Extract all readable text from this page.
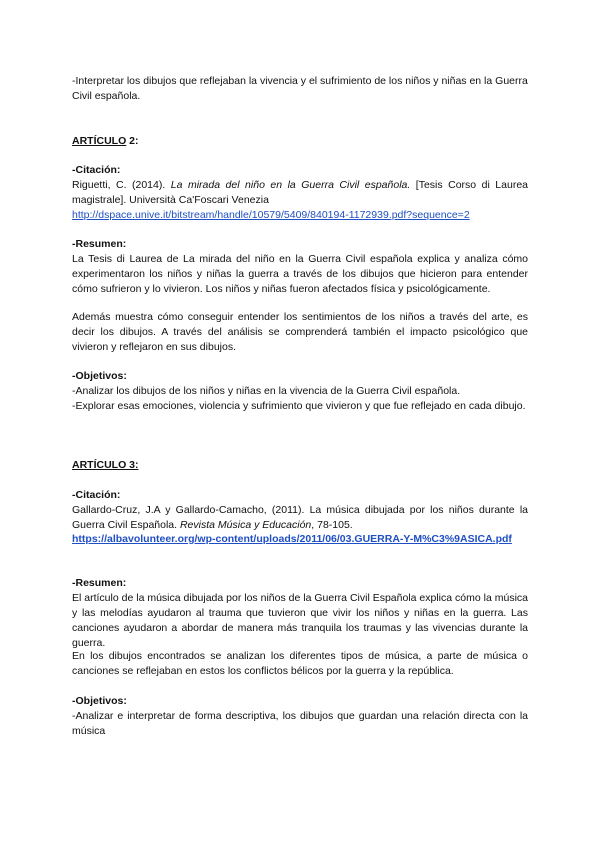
-Interpretar los dibujos que reflejaban la vivencia y el sufrimiento de los niños y niñas en la Guerra Civil española.

ARTÍCULO 2:

-Citación:

Riguetti, C. (2014). La mirada del niño en la Guerra Civil española. [Tesis Corso di Laurea magistrale]. Università Ca'Foscari Venezia

http://dspace.unive.it/bitstream/handle/10579/5409/840194-1172939.pdf?sequence=2

-Resumen:

La Tesis di Laurea de La mirada del niño en la Guerra Civil española explica y analiza cómo experimentaron los niños y niñas la guerra a través de los dibujos que hicieron para entender cómo sufrieron y lo vivieron. Los niños y niñas fueron afectados física y psicológicamente.

Además muestra cómo conseguir entender los sentimientos de los niños a través del arte, es decir los dibujos. A través del análisis se comprenderá también el impacto psicológico que vivieron y reflejaron en sus dibujos.

-Objetivos:

-Analizar los dibujos de los niños y niñas en la vivencia de la Guerra Civil española.

-Explorar esas emociones, violencia y sufrimiento que vivieron y que fue reflejado en cada dibujo.

ARTÍCULO 3:

-Citación:

Gallardo-Cruz, J.A y Gallardo-Camacho, (2011). La música dibujada por los niños durante la Guerra Civil Española. Revista Música y Educación, 78-105.

https://albavolunteer.org/wp-content/uploads/2011/06/03.GUERRA-Y-M%C3%9ASICA.pdf

-Resumen:

El artículo de la música dibujada por los niños de la Guerra Civil Española explica cómo la música y las melodías ayudaron al trauma que tuvieron que vivir los niños y niñas en la guerra. Las canciones ayudaron a abordar de manera más tranquila los traumas y las vivencias durante la guerra.

En los dibujos encontrados se analizan los diferentes tipos de música, a parte de música o canciones se reflejaban en estos los conflictos bélicos por la guerra y la república.

-Objetivos:

-Analizar e interpretar de forma descriptiva, los dibujos que guardan una relación directa con la música
